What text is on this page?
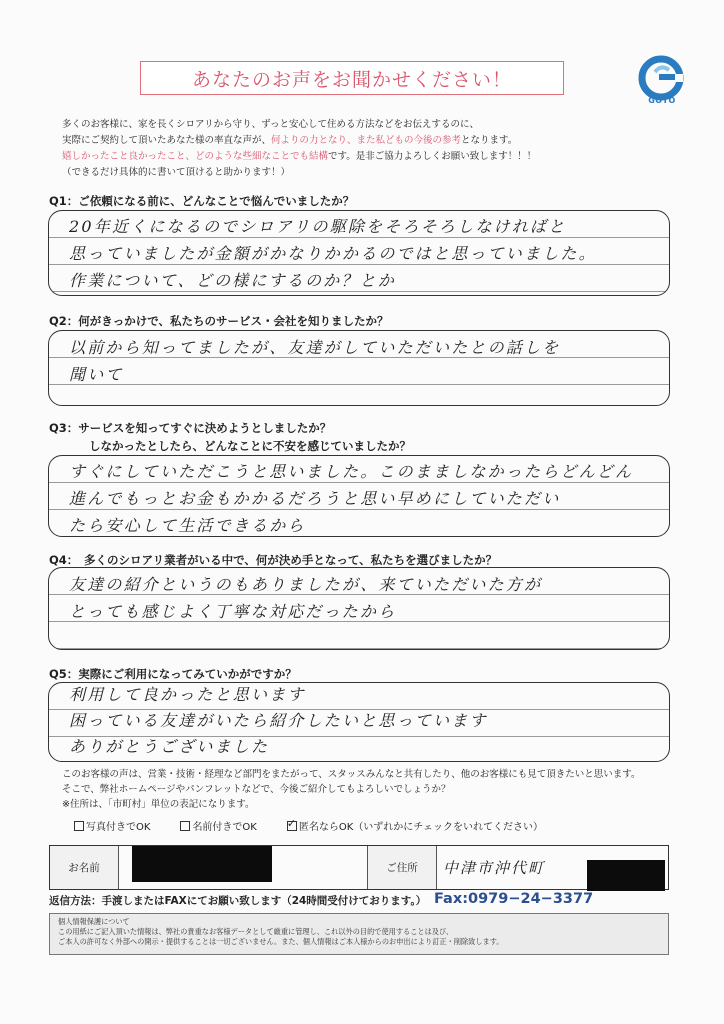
あなたのお声をお聞かせください！
GOTO
多くのお客様に、家を長くシロアリから守り、ずっと安心して住める方法などをお伝えするのに、
実際にご契約して頂いたあなた様の率直な声が、何よりの力となり、また私どもの今後の参考となります。
嬉しかったこと良かったこと、どのような些細なことでも結構です。是非ご協力よろしくお願い致します！！！
（できるだけ具体的に書いて頂けると助かります！）
Q1：ご依頼になる前に、どんなことで悩んでいましたか？
20年近くになるのでシロアリの駆除をそろそろしなければと
思っていましたが金額がかなりかかるのではと思っていました。
作業について、どの様にするのか？とか
Q2：何がきっかけで、私たちのサービス・会社を知りましたか？
以前から知ってましたが、友達がしていただいたとの話しを
聞いて
Q3：サービスを知ってすぐに決めようとしましたか？
しなかったとしたら、どんなことに不安を感じていましたか？
すぐにしていただこうと思いました。このまましなかったらどんどん
進んでもっとお金もかかるだろうと思い早めにしていただい
たら安心して生活できるから
Q4：　多くのシロアリ業者がいる中で、何が決め手となって、私たちを選びましたか？
友達の紹介というのもありましたが、来ていただいた方が
とっても感じよく丁寧な対応だったから
Q5：実際にご利用になってみていかがですか？
利用して良かったと思います
困っている友達がいたら紹介したいと思っています
ありがとうございました
このお客様の声は、営業・技術・経理など部門をまたがって、スタッスみんなと共有したり、他のお客様にも見て頂きたいと思います。
そこで、弊社ホームページやパンフレットなどで、今後ご紹介してもよろしいでしょうか？
※住所は、「市町村」単位の表記になります。
写真付きでOK	名前付きでOK
✓	匿名ならOK（いずれかにチェックをいれてください）
お名前	ご住所	中津市沖代町
返信方法：手渡しまたはFAXにてお願い致します（24時間受付けております。） Fax:0979−24−3377
個人情報保護について
この用紙にご記入頂いた情報は、弊社の貴重なお客様データとして厳重に管理し、これ以外の目的で使用することは及び、
ご本人の許可なく外部への開示・提供することは一切ございません。また、個人情報はご本人様からのお申出により訂正・削除致します。
